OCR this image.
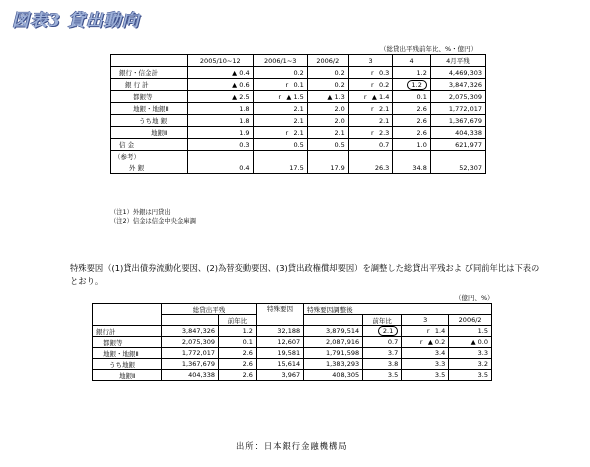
図表3 貸出動向
（総貸出平残前年比、%・億円）
	2005/10~12	2006/1~3	2006/2	3	4	4月平残
銀行・信金計	▲ 0.4	0.2	0.2	r 0.3	1.2	4,469,303
銀 行 計	▲ 0.6	r 0.1	0.2	r 0.2	1.2	3,847,326
都銀等	▲ 2.5	r ▲ 1.5	▲ 1.3	r ▲ 1.4	0.1	2,075,309
地銀・地銀Ⅱ	1.8	2.1	2.0	r 2.1	2.6	1,772,017
うち地 銀	1.8	2.1	2.0	2.1	2.6	1,367,679
地銀Ⅱ	1.9	r 2.1	2.1	r 2.3	2.6	404,338
信 金	0.3	0.5	0.5	0.7	1.0	621,977
（参考）						
外 銀	0.4	17.5	17.9	26.3	34.8	52,307
（注1）外銀は円貸出
（注2）信金は信金中央金庫調
特殊要因（(1)貸出債券流動化要因、(2)為替変動要因、(3)貸出政権償却要因）を調整した総貸出平残およ び同前年比は下表のとおり。
（億円、%）
	総貸出平残		特殊要因	特殊要因調整後			
		前年比			前年比	3	2006/2
銀行計	3,847,326	1.2	32,188	3,879,514	2.1	r 1.4	1.5
都銀等	2,075,309	0.1	12,607	2,087,916	0.7	r ▲ 0.2	▲ 0.0
地銀・地銀Ⅱ	1,772,017	2.6	19,581	1,791,598	3.7	3.4	3.3
うち地銀	1,367,679	2.6	15,614	1,383,293	3.8	3.3	3.2
地銀Ⅱ	404,338	2.6	3,967	408,305	3.5	3.5	3.5
出所：日本銀行金融機構局
